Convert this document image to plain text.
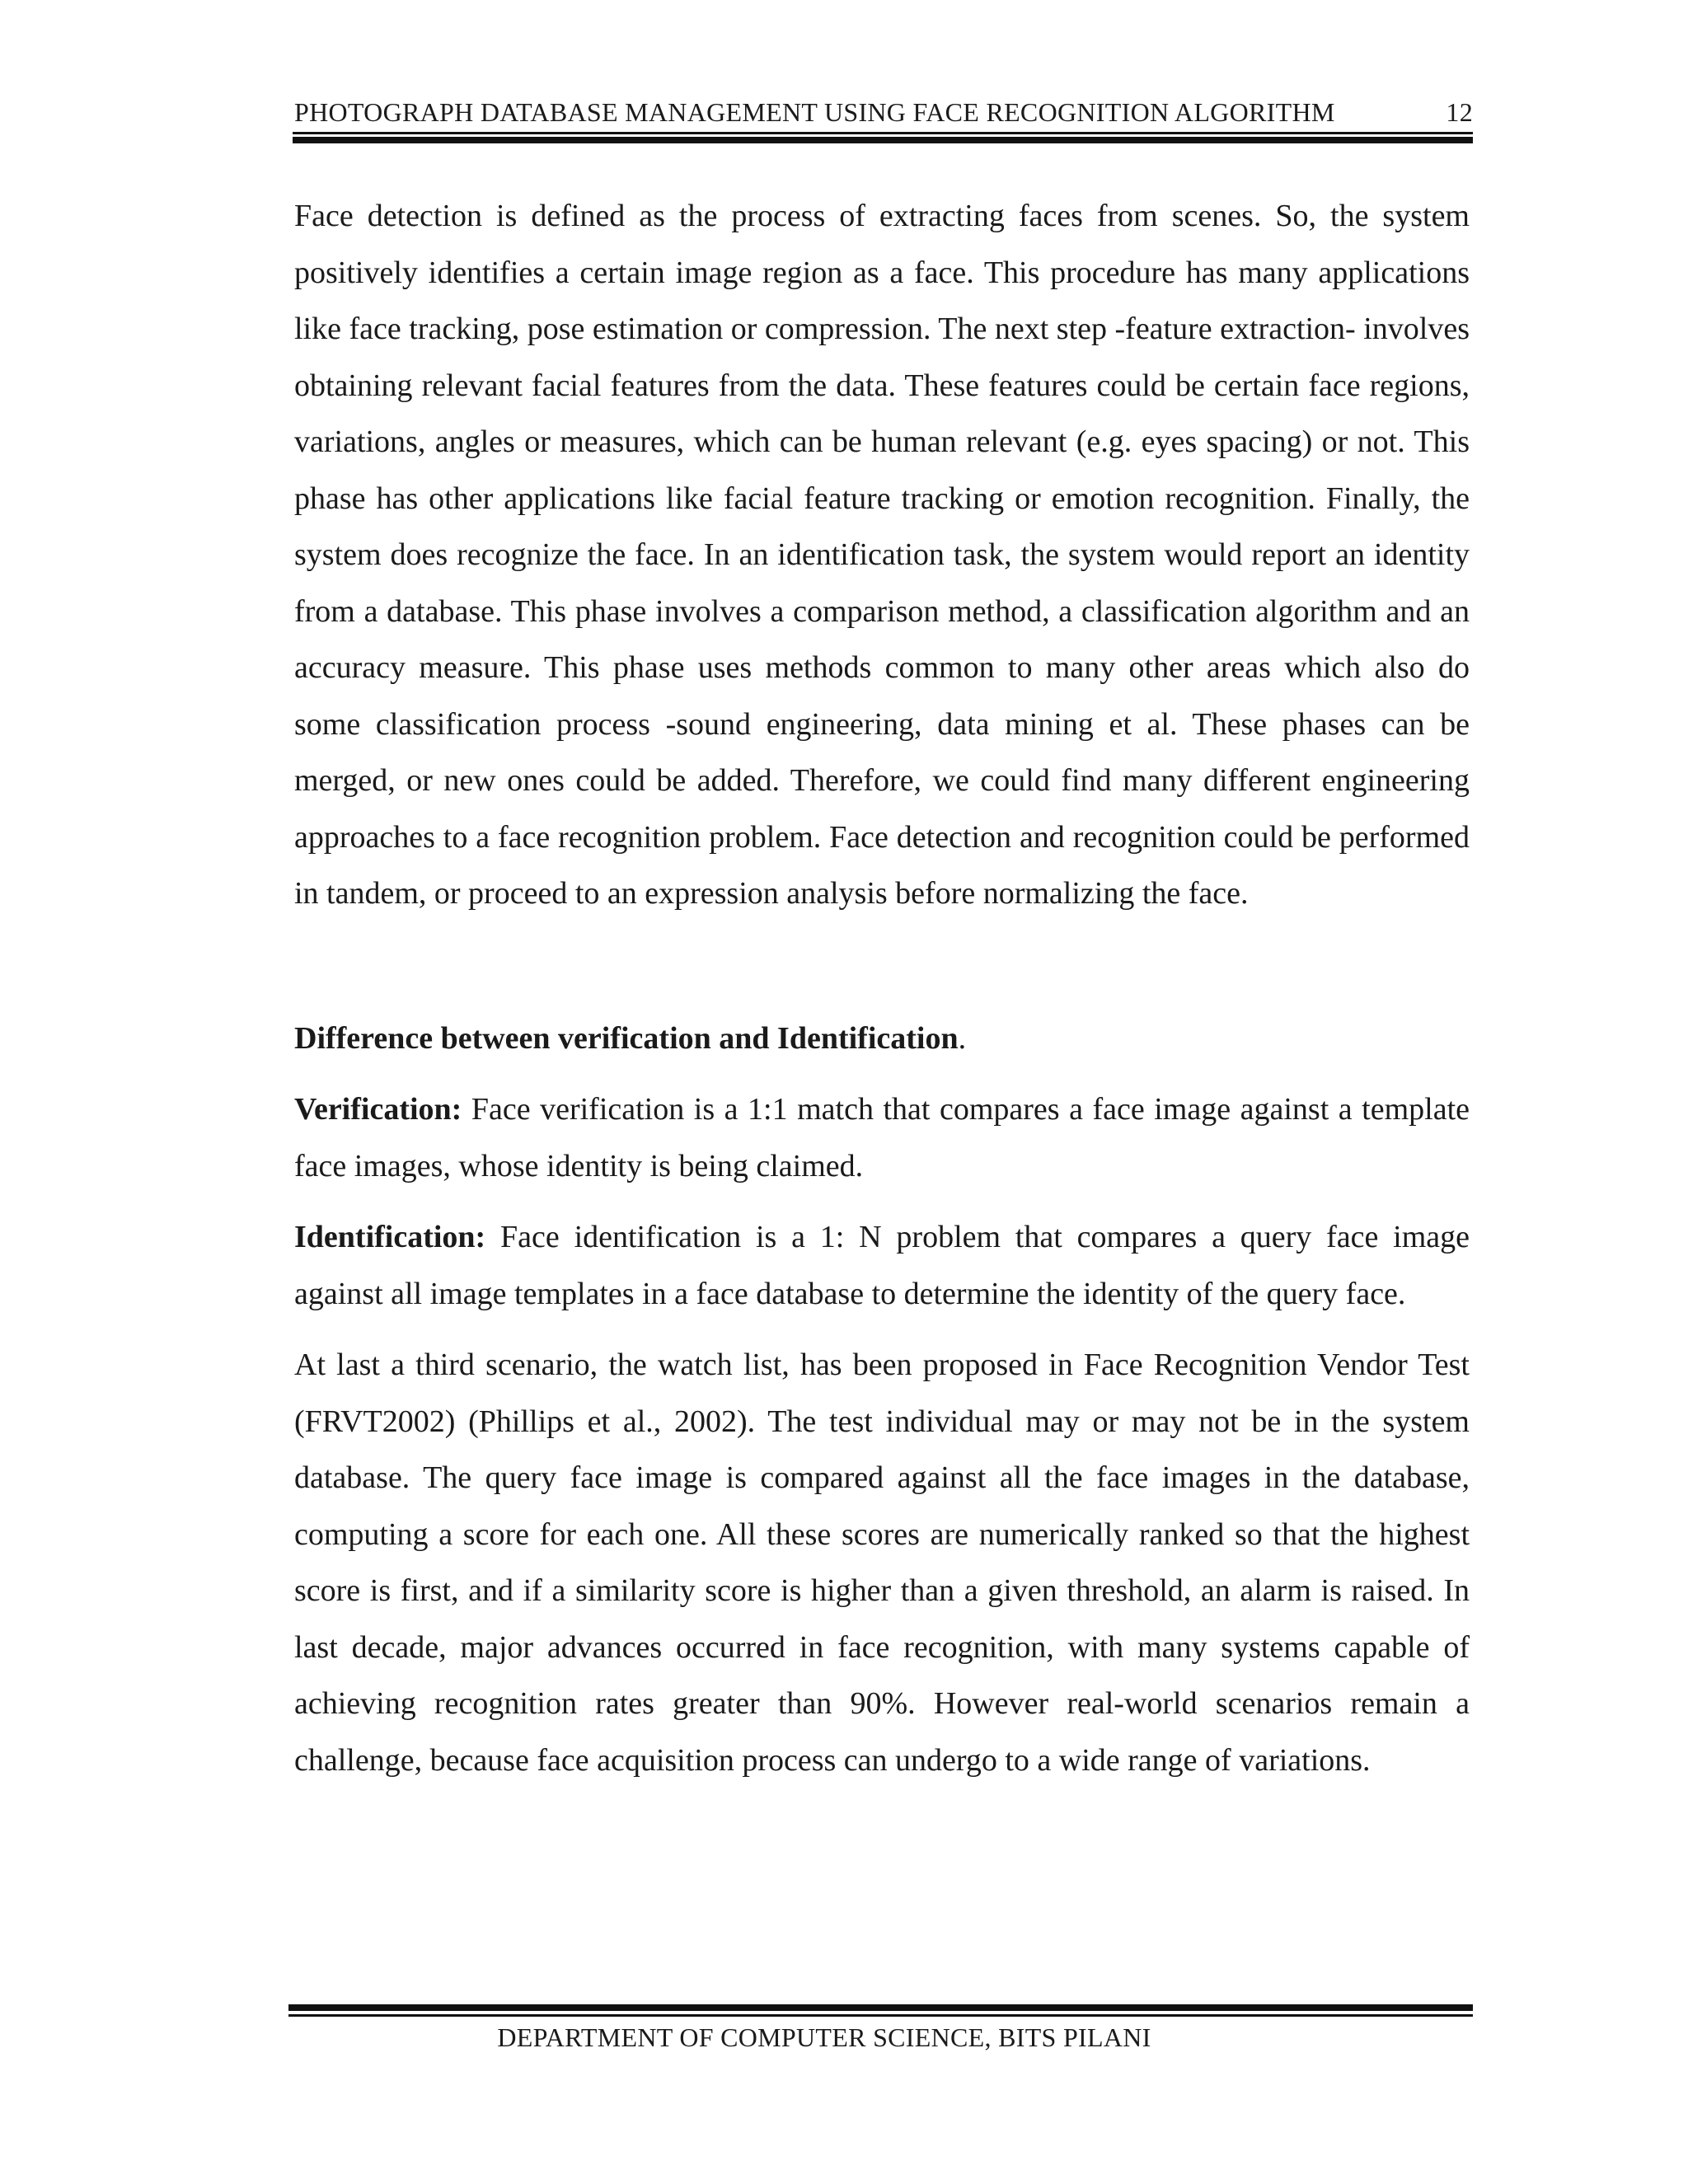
PHOTOGRAPH DATABASE MANAGEMENT USING FACE RECOGNITION ALGORITHM	12

Face detection is defined as the process of extracting faces from scenes. So, the system positively identifies a certain image region as a face. This procedure has many applications like face tracking, pose estimation or compression. The next step -feature extraction- involves obtaining relevant facial features from the data. These features could be certain face regions, variations, angles or measures, which can be human relevant (e.g. eyes spacing) or not. This phase has other applications like facial feature tracking or emotion recognition. Finally, the system does recognize the face. In an identification task, the system would report an identity from a database. This phase involves a comparison method, a classification algorithm and an accuracy measure. This phase uses methods common to many other areas which also do some classification process -sound engineering, data mining et al. These phases can be merged, or new ones could be added. Therefore, we could find many different engineering approaches to a face recognition problem. Face detection and recognition could be performed in tandem, or proceed to an expression analysis before normalizing the face.

Difference between verification and Identification.

Verification: Face verification is a 1:1 match that compares a face image against a template face images, whose identity is being claimed.

Identification: Face identification is a 1: N problem that compares a query face image against all image templates in a face database to determine the identity of the query face.

At last a third scenario, the watch list, has been proposed in Face Recognition Vendor Test (FRVT2002) (Phillips et al., 2002). The test individual may or may not be in the system database. The query face image is compared against all the face images in the database, computing a score for each one. All these scores are numerically ranked so that the highest score is first, and if a similarity score is higher than a given threshold, an alarm is raised. In last decade, major advances occurred in face recognition, with many systems capable of achieving recognition rates greater than 90%. However real-world scenarios remain a challenge, because face acquisition process can undergo to a wide range of variations.

DEPARTMENT OF COMPUTER SCIENCE, BITS PILANI
